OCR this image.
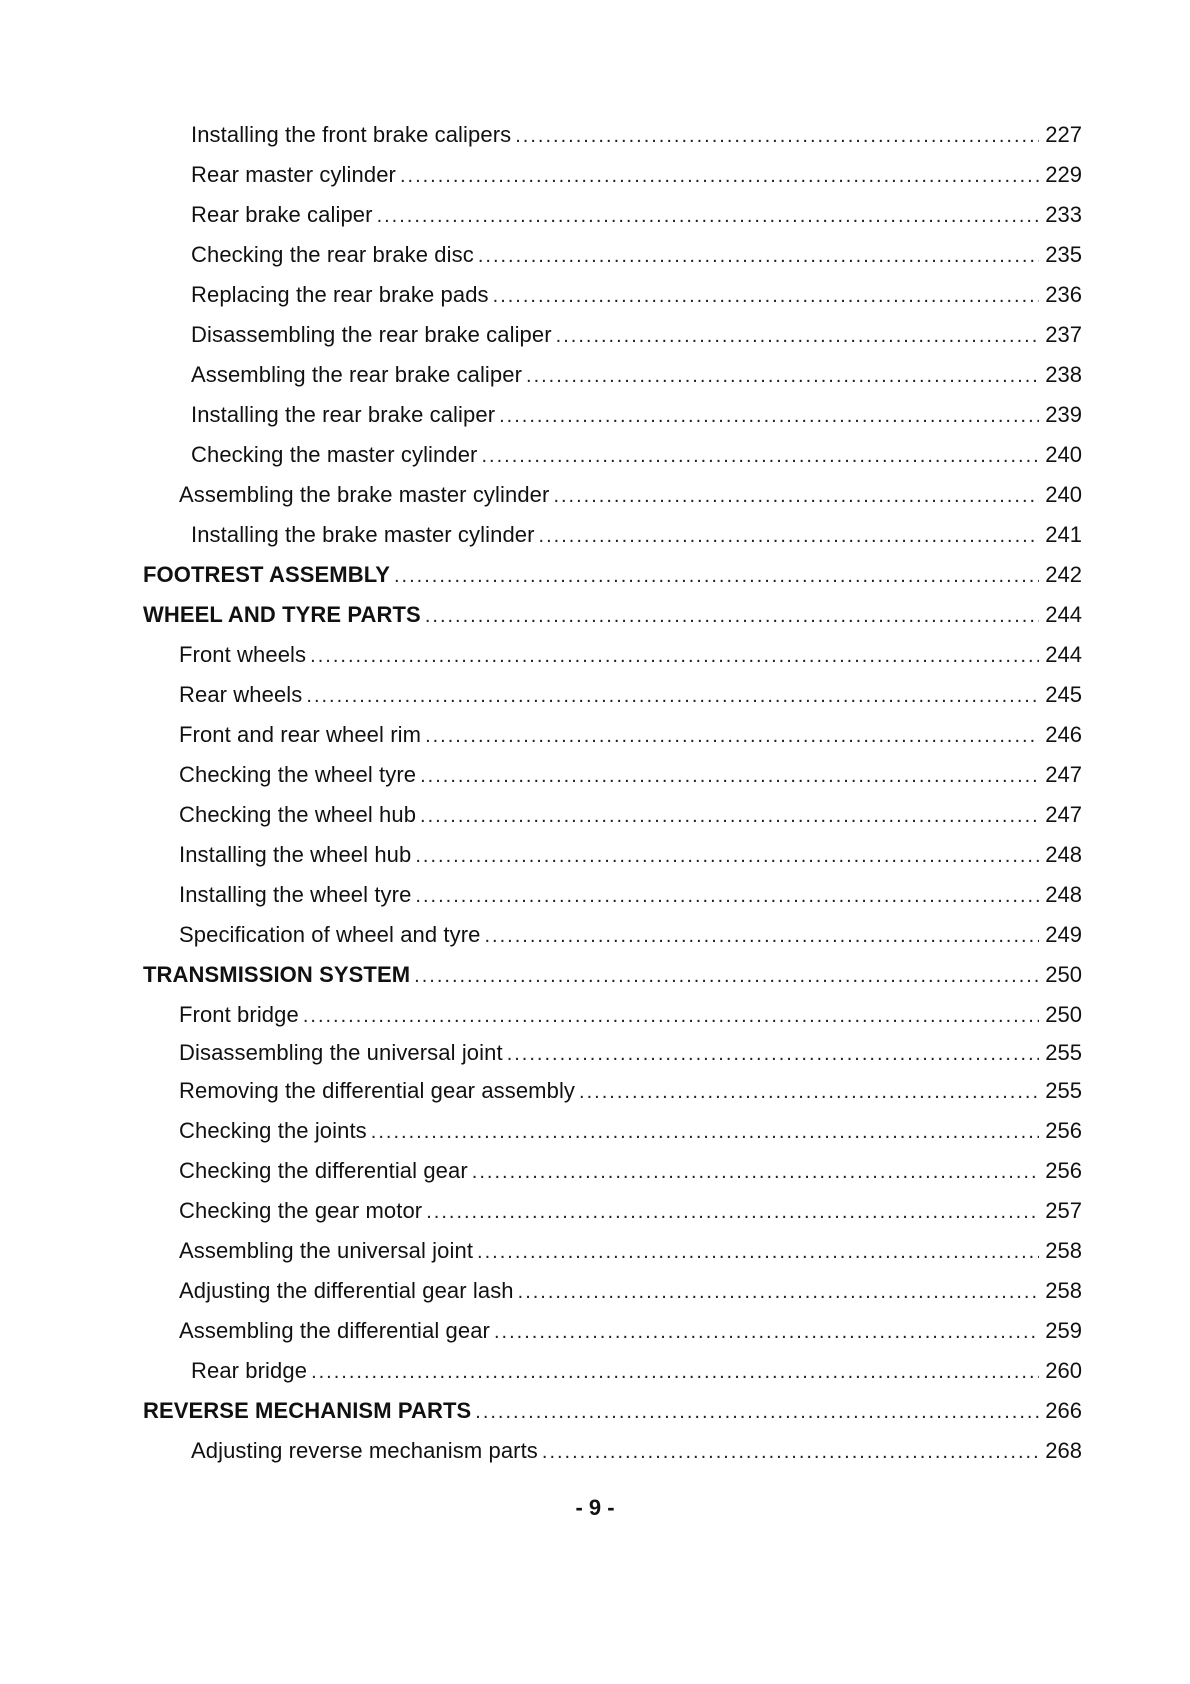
Installing the front brake calipers .....	227
Rear master cylinder .....	229
Rear brake caliper .....	233
Checking the rear brake disc .....	235
Replacing the rear brake pads .....	236
Disassembling the rear brake caliper .....	237
Assembling the rear brake caliper .....	238
Installing the rear brake caliper .....	239
Checking the master cylinder .....	240
Assembling the brake master cylinder .....	240
Installing the brake master cylinder .....	241
FOOTREST ASSEMBLY .....	242
WHEEL AND TYRE PARTS .....	244
Front wheels .....	244
Rear wheels .....	245
Front and rear wheel rim .....	246
Checking the wheel tyre .....	247
Checking the wheel hub .....	247
Installing the wheel hub .....	248
Installing the wheel tyre .....	248
Specification of wheel and tyre .....	249
TRANSMISSION SYSTEM .....	250
Front bridge .....	250
Disassembling the universal joint .....	255
Removing the differential gear assembly .....	255
Checking the joints .....	256
Checking the differential gear .....	256
Checking the gear motor .....	257
Assembling the universal joint .....	258
Adjusting the differential gear lash .....	258
Assembling the differential gear .....	259
Rear bridge .....	260
REVERSE MECHANISM PARTS .....	266
Adjusting reverse mechanism parts .....	268
- 9 -
